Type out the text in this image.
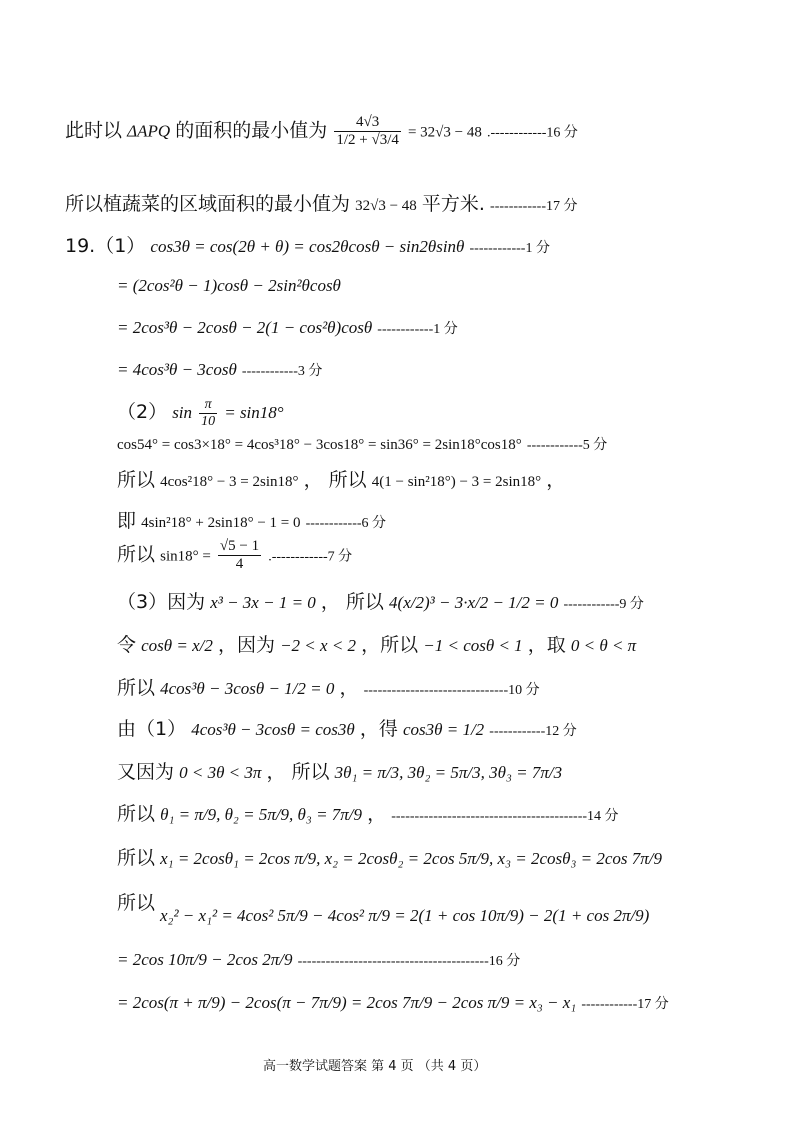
此时以 ΔAPQ 的面积的最小值为 $\frac{4√3}{1/2 + √3/4} = 32√3 - 48$ .------------16 分
所以植蔬菜的区域面积的最小值为 32√3 − 48 平方米. ------------17 分
19.（1） cos3θ = cos(2θ + θ) = cos2θcosθ − sin2θsinθ ------------1 分
= (2cos²θ − 1)cosθ − 2sin²θcosθ
= 2cos³θ − 2cosθ − 2(1 − cos²θ)cosθ ------------1 分
= 4cos³θ − 3cosθ ------------3 分
（2） $\sin \frac{\pi}{10} = \sin 18^\circ$
cos54° = cos3×18° = 4cos³18° − 3cos18° = sin36° = 2sin18°cos18° ------------5 分
所以 4cos²18° − 3 = 2sin18° ， 所以 4(1 − sin²18°) − 3 = 2sin18° ，
即 4sin²18° + 2sin18° − 1 = 0 ------------6 分
所以 $\sin 18^\circ = \frac{√5 - 1}{4} .------------7$ 分
（3）因为 x³ − 3x − 1 = 0 ， 所以 4(x/2)³ − 3·x/2 − 1/2 = 0 ------------9 分
令 cosθ = x/2 ，因为 −2 < x < 2 ，所以 −1 < cosθ < 1 ，取 0 < θ < π
所以 4cos³θ − 3cosθ − 1/2 = 0 ， -------------------------------10 分
由（1） 4cos³θ − 3cosθ = cos3θ ，得 cos3θ = 1/2 ------------12 分
又因为 0 < 3θ < 3π ， 所以 3θ₁ = π/3, 3θ₂ = 5π/3, 3θ₃ = 7π/3
所以 θ₁ = π/9, θ₂ = 5π/9, θ₃ = 7π/9 ， ------------------------------------------14 分
所以 x₁ = 2cosθ₁ = 2cos π/9, x₂ = 2cosθ₂ = 2cos 5π/9, x₃ = 2cosθ₃ = 2cos 7π/9
所以
x₂² − x₁² = 4cos² 5π/9 − 4cos² π/9 = 2(1 + cos 10π/9) − 2(1 + cos 2π/9)
= 2cos 10π/9 − 2cos 2π/9 -----------------------------------------16 分
= 2cos(π + π/9) − 2cos(π − 7π/9) = 2cos 7π/9 − 2cos π/9 = x₃ − x₁ ------------17 分
高一数学试题答案 第 4 页 （共 4 页）
